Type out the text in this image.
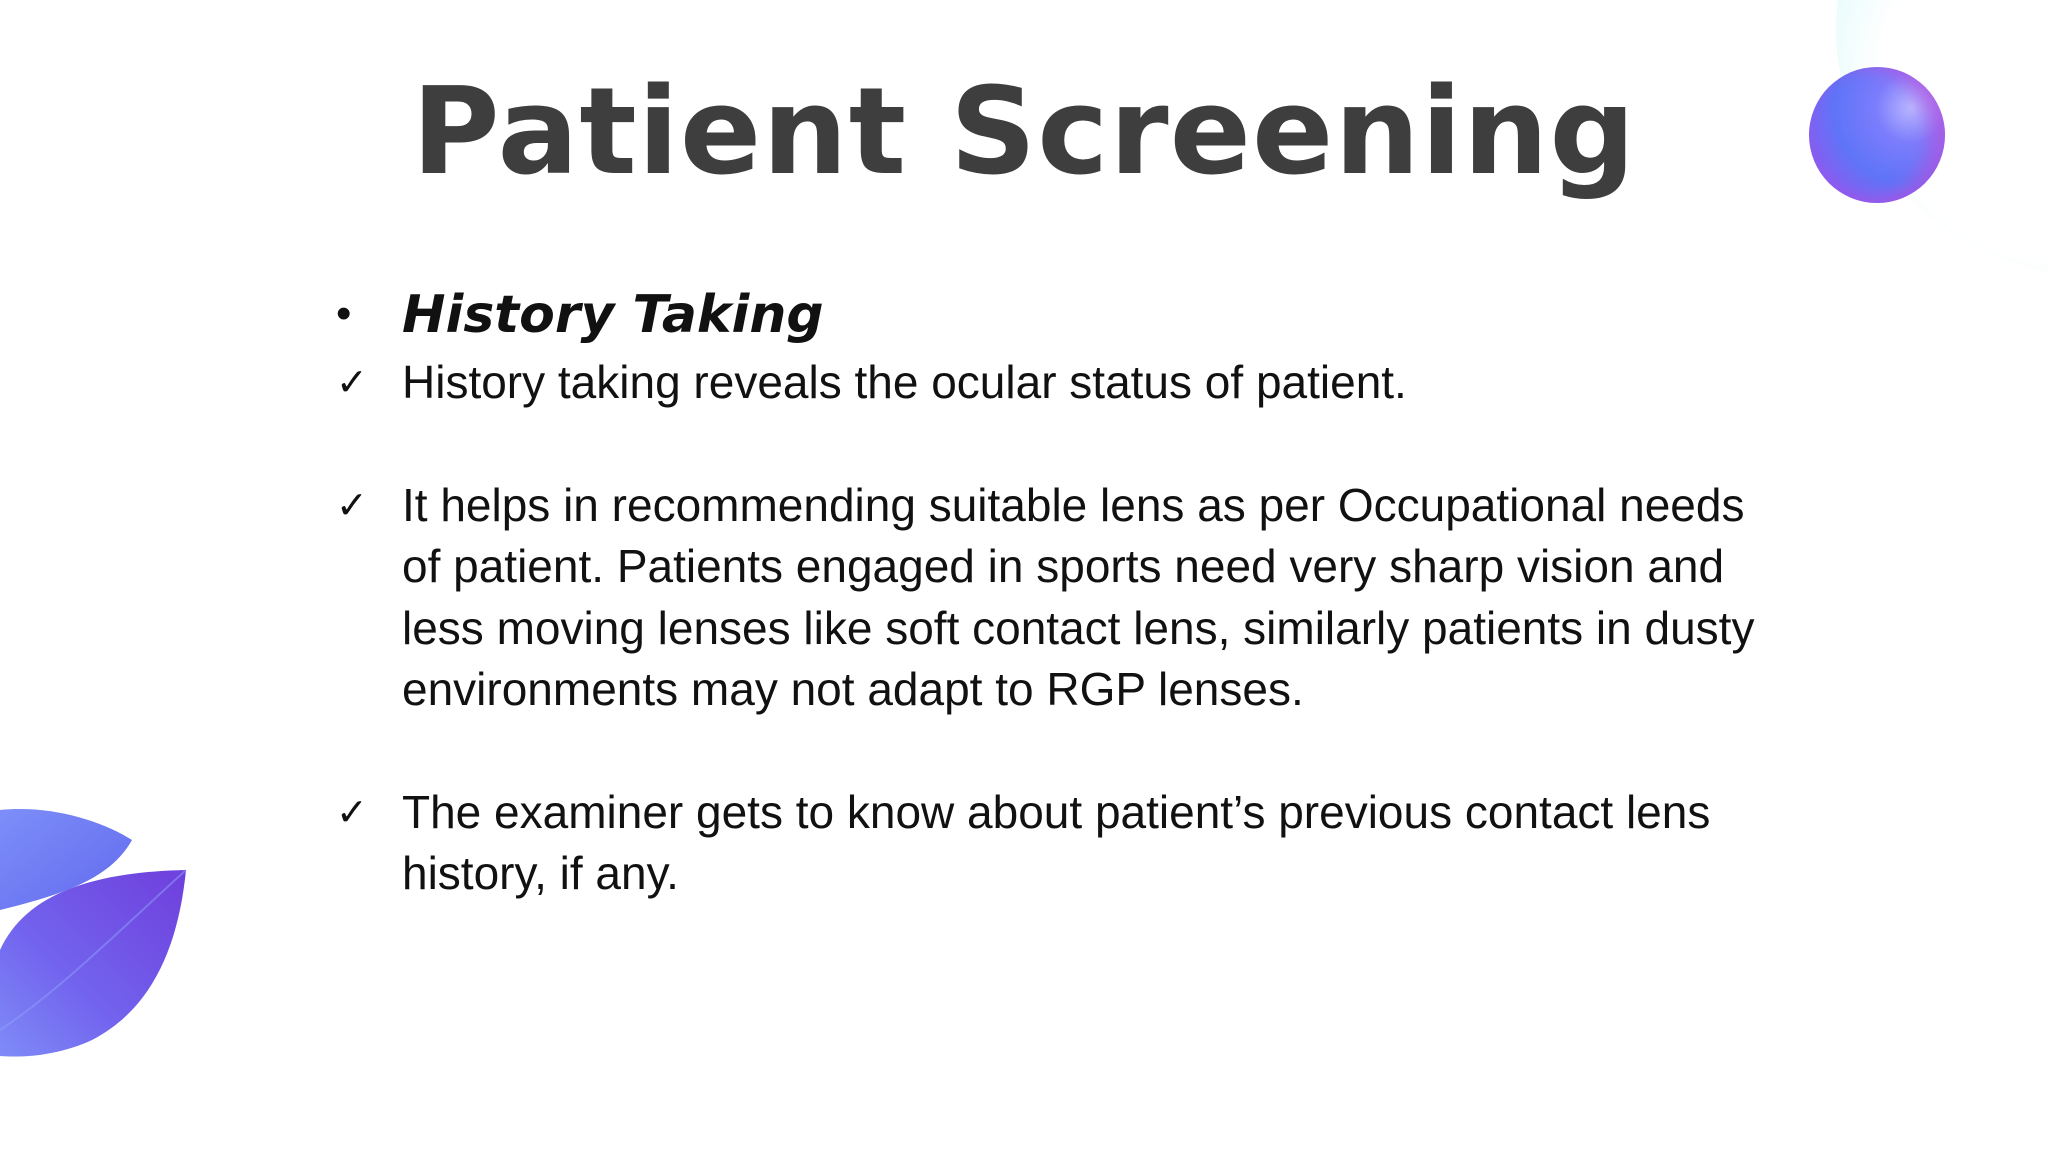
Patient Screening
• History Taking
✓ History taking reveals the ocular status of patient.
✓ It helps in recommending suitable lens as per Occupational needs of patient. Patients engaged in sports need very sharp vision and less moving lenses like soft contact lens, similarly patients in dusty environments may not adapt to RGP lenses.
✓ The examiner gets to know about patient’s previous contact lens history, if any.
